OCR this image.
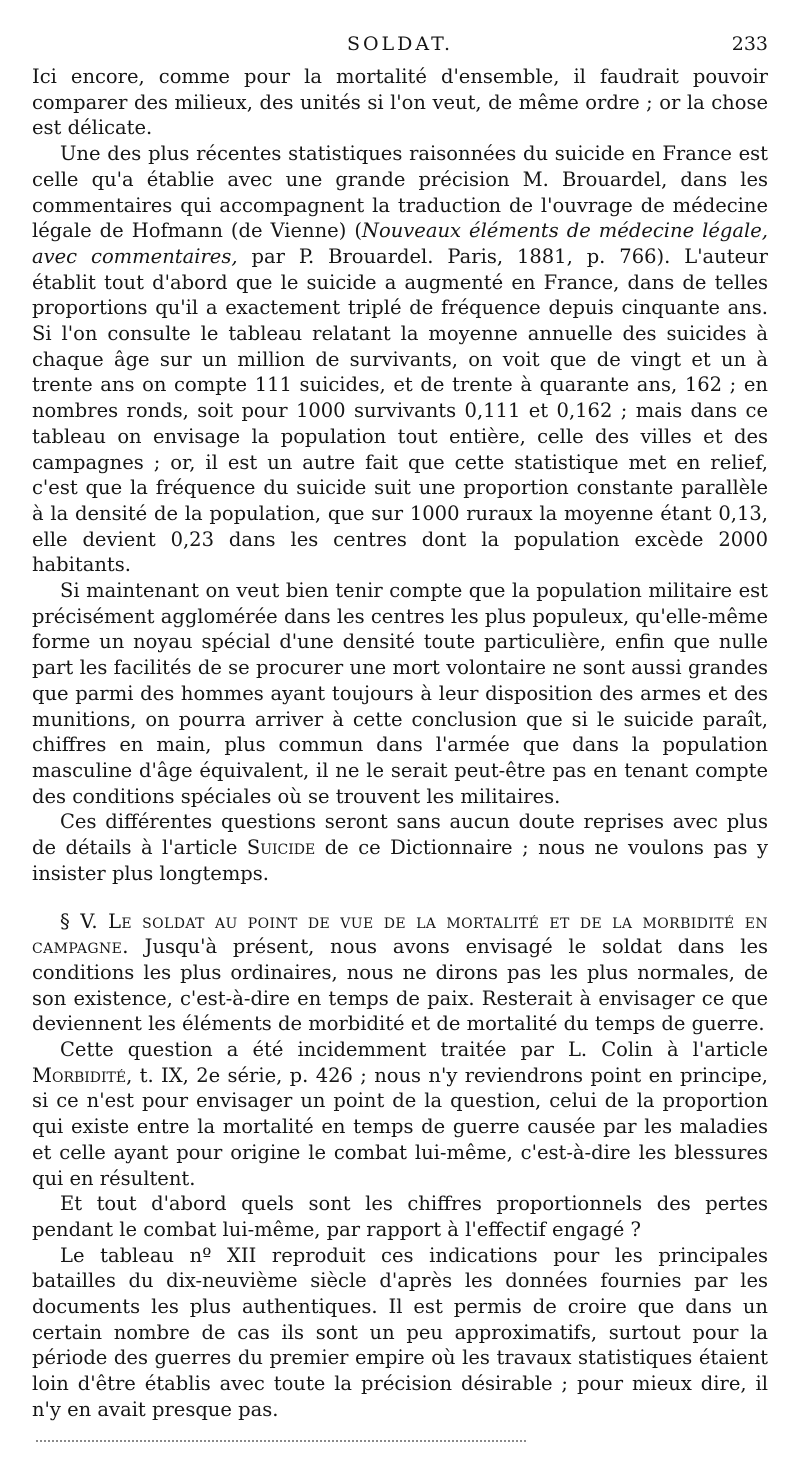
SOLDAT.	233

Ici encore, comme pour la mortalité d'ensemble, il faudrait pouvoir comparer des milieux, des unités si l'on veut, de même ordre ; or la chose est délicate.

Une des plus récentes statistiques raisonnées du suicide en France est celle qu'a établie avec une grande précision M. Brouardel, dans les commentaires qui accompagnent la traduction de l'ouvrage de médecine légale de Hofmann (de Vienne) (Nouveaux éléments de médecine légale, avec commentaires, par P. Brouardel. Paris, 1881, p. 766). L'auteur établit tout d'abord que le suicide a augmenté en France, dans de telles proportions qu'il a exactement triplé de fréquence depuis cinquante ans. Si l'on consulte le tableau relatant la moyenne annuelle des suicides à chaque âge sur un million de survivants, on voit que de vingt et un à trente ans on compte 111 suicides, et de trente à quarante ans, 162 ; en nombres ronds, soit pour 1000 survivants 0,111 et 0,162 ; mais dans ce tableau on envisage la population tout entière, celle des villes et des campagnes ; or, il est un autre fait que cette statistique met en relief, c'est que la fréquence du suicide suit une proportion constante parallèle à la densité de la population, que sur 1000 ruraux la moyenne étant 0,13, elle devient 0,23 dans les centres dont la population excède 2000 habitants.

Si maintenant on veut bien tenir compte que la population militaire est précisément agglomérée dans les centres les plus populeux, qu'elle-même forme un noyau spécial d'une densité toute particulière, enfin que nulle part les facilités de se procurer une mort volontaire ne sont aussi grandes que parmi des hommes ayant toujours à leur disposition des armes et des munitions, on pourra arriver à cette conclusion que si le suicide paraît, chiffres en main, plus commun dans l'armée que dans la population masculine d'âge équivalent, il ne le serait peut-être pas en tenant compte des conditions spéciales où se trouvent les militaires.

Ces différentes questions seront sans aucun doute reprises avec plus de détails à l'article Suicide de ce Dictionnaire ; nous ne voulons pas y insister plus longtemps.

§ V. Le soldat au point de vue de la mortalité et de la morbidité en campagne. Jusqu'à présent, nous avons envisagé le soldat dans les conditions les plus ordinaires, nous ne dirons pas les plus normales, de son existence, c'est-à-dire en temps de paix. Resterait à envisager ce que deviennent les éléments de morbidité et de mortalité du temps de guerre.

Cette question a été incidemment traitée par L. Colin à l'article Morbidité, t. IX, 2e série, p. 426 ; nous n'y reviendrons point en principe, si ce n'est pour envisager un point de la question, celui de la proportion qui existe entre la mortalité en temps de guerre causée par les maladies et celle ayant pour origine le combat lui-même, c'est-à-dire les blessures qui en résultent.

Et tout d'abord quels sont les chiffres proportionnels des pertes pendant le combat lui-même, par rapport à l'effectif engagé ?

Le tableau nº XII reproduit ces indications pour les principales batailles du dix-neuvième siècle d'après les données fournies par les documents les plus authentiques. Il est permis de croire que dans un certain nombre de cas ils sont un peu approximatifs, surtout pour la période des guerres du premier empire où les travaux statistiques étaient loin d'être établis avec toute la précision désirable ; pour mieux dire, il n'y en avait presque pas.
